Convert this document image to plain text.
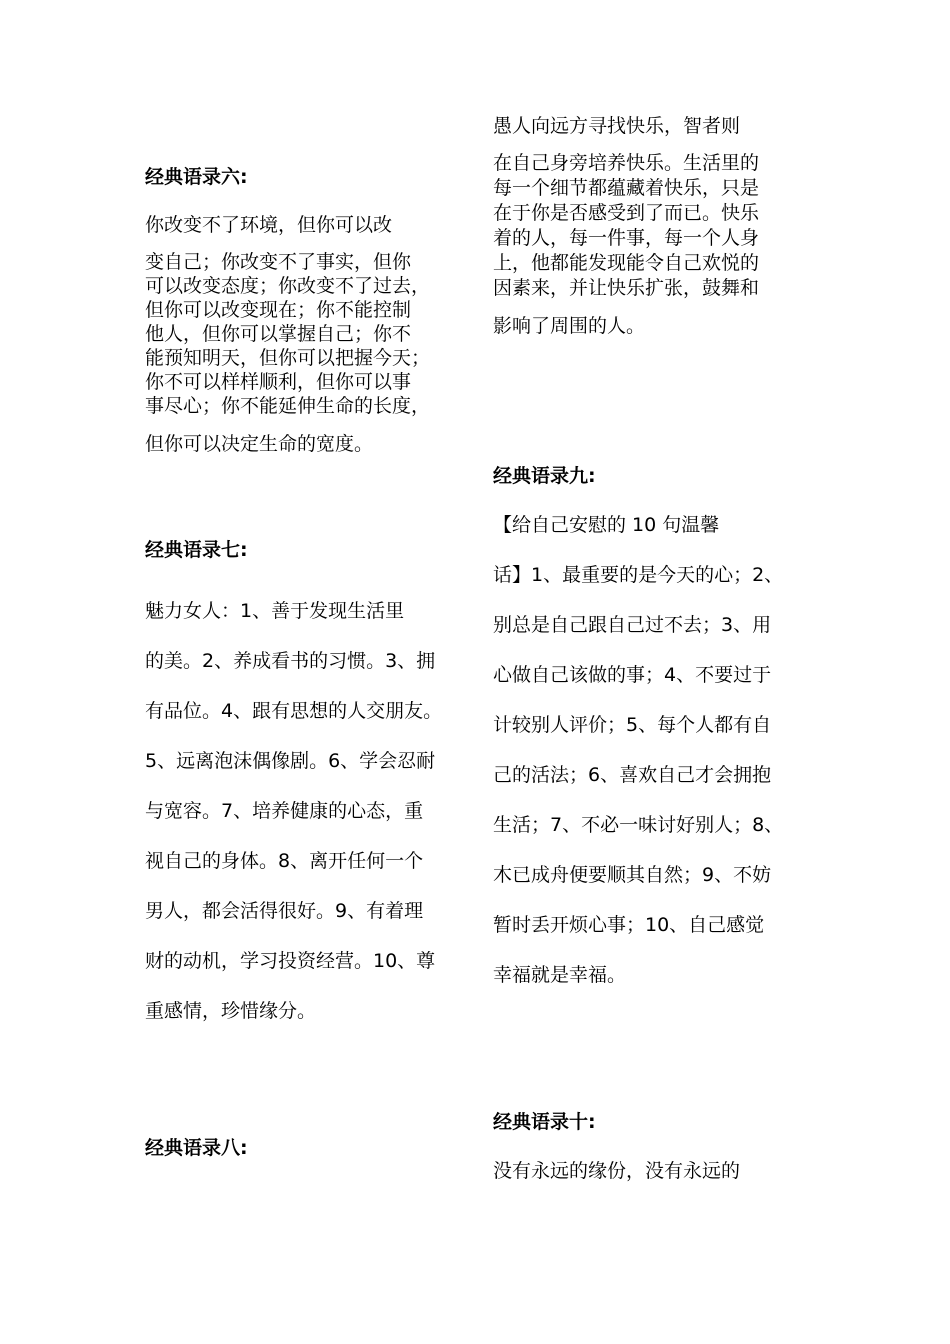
经典语录六:
你改变不了环境，但你可以改
变自己；你改变不了事实，但你
可以改变态度；你改变不了过去，
但你可以改变现在；你不能控制
他人，但你可以掌握自己；你不
能预知明天，但你可以把握今天；
你不可以样样顺利，但你可以事
事尽心；你不能延伸生命的长度，
但你可以决定生命的宽度。
经典语录七:
魅力女人：1、善于发现生活里
的美。2、养成看书的习惯。3、拥
有品位。4、跟有思想的人交朋友。
5、远离泡沫偶像剧。6、学会忍耐
与宽容。7、培养健康的心态，重
视自己的身体。8、离开任何一个
男人，都会活得很好。9、有着理
财的动机，学习投资经营。10、尊
重感情，珍惜缘分。
经典语录八:
愚人向远方寻找快乐，智者则
在自己身旁培养快乐。生活里的
每一个细节都蕴藏着快乐，只是
在于你是否感受到了而已。快乐
着的人，每一件事，每一个人身
上，他都能发现能令自己欢悦的
因素来，并让快乐扩张，鼓舞和
影响了周围的人。
经典语录九:
【给自己安慰的 10 句温馨
话】1、最重要的是今天的心；2、
别总是自己跟自己过不去；3、用
心做自己该做的事；4、不要过于
计较别人评价；5、每个人都有自
己的活法；6、喜欢自己才会拥抱
生活；7、不必一味讨好别人；8、
木已成舟便要顺其自然；9、不妨
暂时丢开烦心事；10、自己感觉
幸福就是幸福。
经典语录十:
没有永远的缘份，没有永远的
